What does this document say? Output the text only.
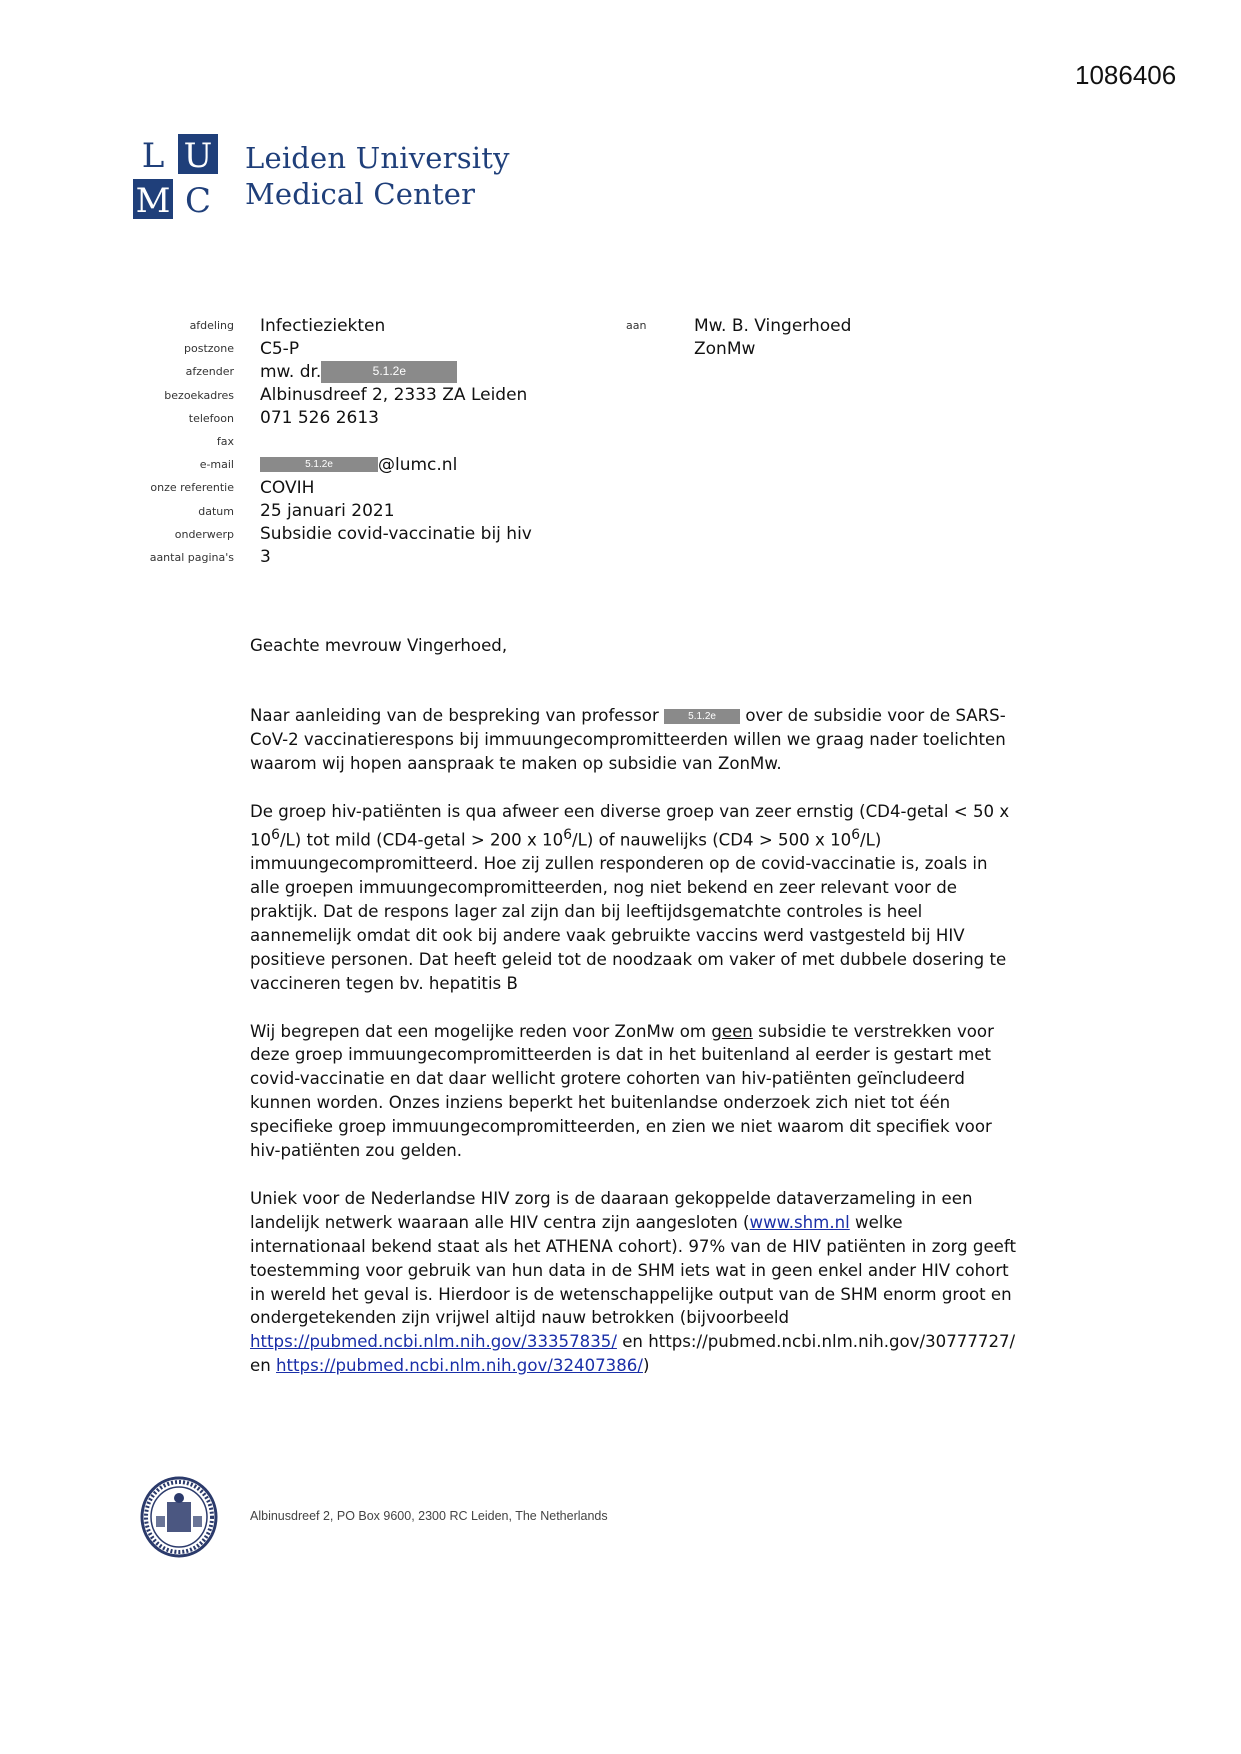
1086406
L U
M C
Leiden University
Medical Center
afdeling Infectieziekten
postzone C5-P
afzender mw. dr.	5.1.2e
bezoekadres Albinusdreef 2, 2333 ZA Leiden
telefoon 071 526 2613
fax
e-mail	5.1.2e	@lumc.nl
onze referentie COVIH
datum 25 januari 2021
onderwerp Subsidie covid-vaccinatie bij hiv
aantal pagina's 3
aan	Mw. B. Vingerhoed
ZonMw
Geachte mevrouw Vingerhoed,

Naar aanleiding van de bespreking van professor	5.1.2e over de subsidie voor de SARS-CoV-2 vaccinatierespons bij immuungecompromitteerden willen we graag nader toelichten waarom wij hopen aanspraak te maken op subsidie van ZonMw.

De groep hiv-patiënten is qua afweer een diverse groep van zeer ernstig (CD4-getal < 50 x $10^6/L$) tot mild (CD4-getal > 200 x $10^6/L$) of nauwelijks (CD4 > 500 x $10^6/L$) immuungecompromitteerd. Hoe zij zullen responderen op de covid-vaccinatie is, zoals in alle groepen immuungecompromitteerden, nog niet bekend en zeer relevant voor de praktijk. Dat de respons lager zal zijn dan bij leeftijdsgematchte controles is heel aannemelijk omdat dit ook bij andere vaak gebruikte vaccins werd vastgesteld bij HIV positieve personen. Dat heeft geleid tot de noodzaak om vaker of met dubbele dosering te vaccineren tegen bv. hepatitis B

Wij begrepen dat een mogelijke reden voor ZonMw om geen subsidie te verstrekken voor deze groep immuungecompromitteerden is dat in het buitenland al eerder is gestart met covid-vaccinatie en dat daar wellicht grotere cohorten van hiv-patiënten geïncludeerd kunnen worden. Onzes inziens beperkt het buitenlandse onderzoek zich niet tot één specifieke groep immuungecompromitteerden, en zien we niet waarom dit specifiek voor hiv-patiënten zou gelden.

Uniek voor de Nederlandse HIV zorg is de daaraan gekoppelde dataverzameling in een landelijk netwerk waaraan alle HIV centra zijn aangesloten (www.shm.nl welke internationaal bekend staat als het ATHENA cohort). 97% van de HIV patiënten in zorg geeft toestemming voor gebruik van hun data in de SHM iets wat in geen enkel ander HIV cohort in wereld het geval is. Hierdoor is de wetenschappelijke output van de SHM enorm groot en ondergetekenden zijn vrijwel altijd nauw betrokken (bijvoorbeeld https://pubmed.ncbi.nlm.nih.gov/33357835/ en https://pubmed.ncbi.nlm.nih.gov/30777727/ en https://pubmed.ncbi.nlm.nih.gov/32407386/)

Albinusdreef 2, PO Box 9600, 2300 RC Leiden, The Netherlands
